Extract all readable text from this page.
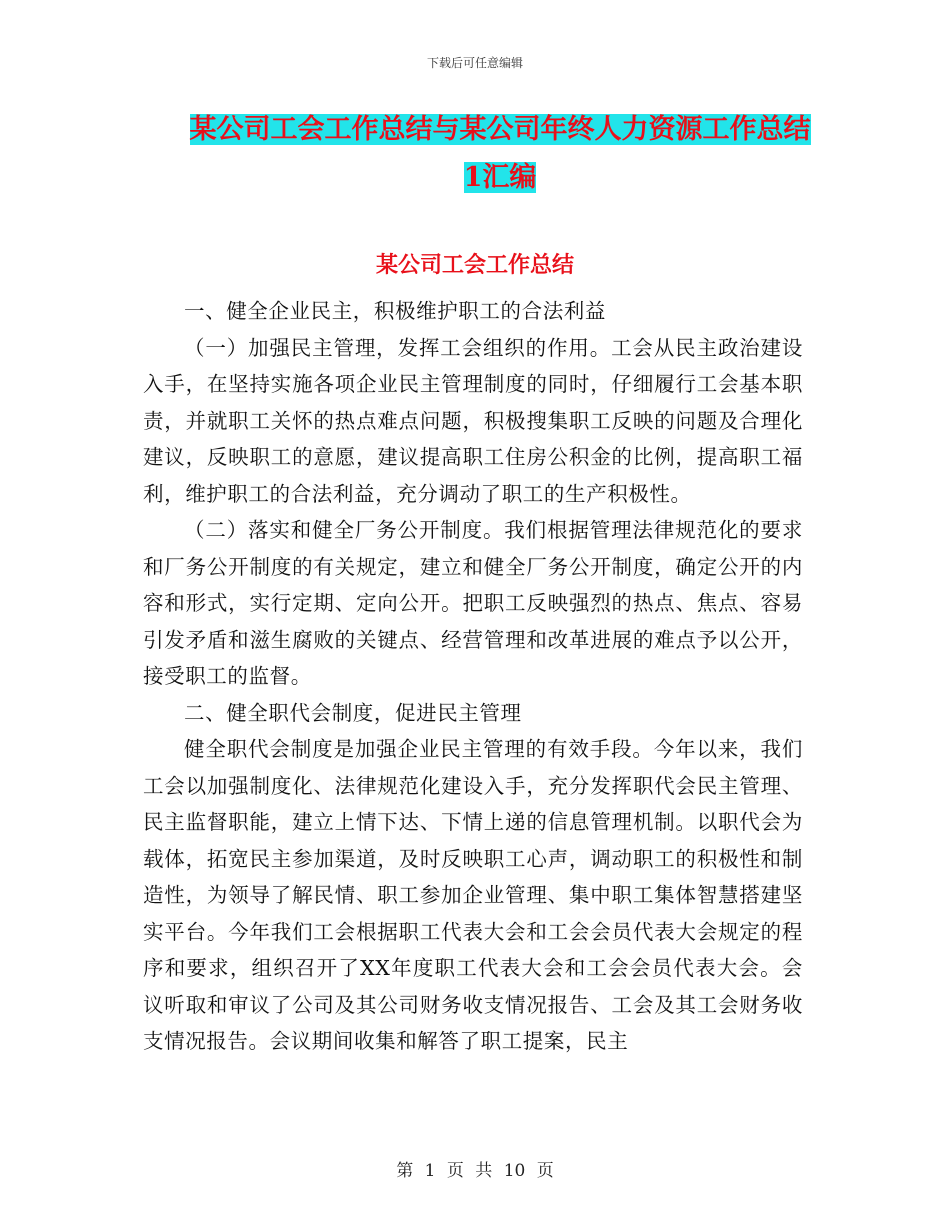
下载后可任意编辑
某公司工会工作总结与某公司年终人力资源工作总结
1汇编
某公司工会工作总结

一、健全企业民主，积极维护职工的合法利益

（一）加强民主管理，发挥工会组织的作用。工会从民主政治建设入手，在坚持实施各项企业民主管理制度的同时，仔细履行工会基本职责，并就职工关怀的热点难点问题，积极搜集职工反映的问题及合理化建议，反映职工的意愿，建议提高职工住房公积金的比例，提高职工福利，维护职工的合法利益，充分调动了职工的生产积极性。

（二）落实和健全厂务公开制度。我们根据管理法律规范化的要求和厂务公开制度的有关规定，建立和健全厂务公开制度，确定公开的内容和形式，实行定期、定向公开。把职工反映强烈的热点、焦点、容易引发矛盾和滋生腐败的关键点、经营管理和改革进展的难点予以公开，接受职工的监督。

二、健全职代会制度，促进民主管理

健全职代会制度是加强企业民主管理的有效手段。今年以来，我们工会以加强制度化、法律规范化建设入手，充分发挥职代会民主管理、民主监督职能，建立上情下达、下情上递的信息管理机制。以职代会为载体，拓宽民主参加渠道，及时反映职工心声，调动职工的积极性和制造性，为领导了解民情、职工参加企业管理、集中职工集体智慧搭建坚实平台。今年我们工会根据职工代表大会和工会会员代表大会规定的程序和要求，组织召开了XX年度职工代表大会和工会会员代表大会。会议听取和审议了公司及其公司财务收支情况报告、工会及其工会财务收支情况报告。会议期间收集和解答了职工提案，民主

第 1 页 共 10 页
